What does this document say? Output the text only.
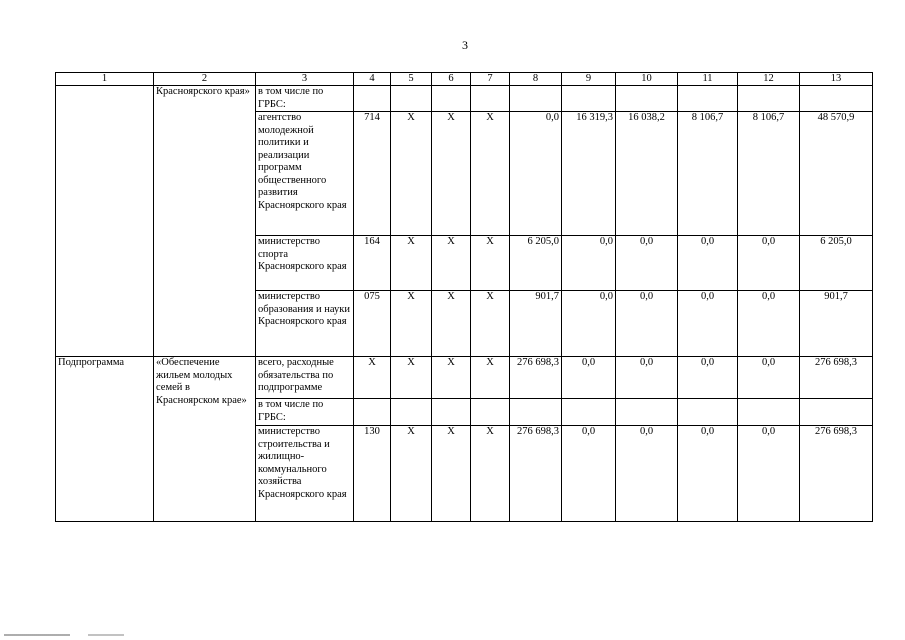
3
1	2	3	4	5	6	7	8	9	10	11	12	13
	Красноярского края»	в том числе по ГРБС:										
		агентство молодежной политики и реализации программ общественного развития Красноярского края	714	Х	Х	Х	0,0	16 319,3	16 038,2	8 106,7	8 106,7	48 570,9
		министерство спорта Красноярского края	164	Х	Х	Х	6 205,0	0,0	0,0	0,0	0,0	6 205,0
		министерство образования и науки Красноярского края	075	Х	Х	Х	901,7	0,0	0,0	0,0	0,0	901,7
Подпрограмма	«Обеспечение жильем молодых семей в Красноярском крае»	всего, расходные обязательства по подпрограмме	Х	Х	Х	Х	276 698,3	0,0	0,0	0,0	0,0	276 698,3
		в том числе по ГРБС:										
		министерство строительства и жилищно-коммунального хозяйства Красноярского края	130	Х	Х	Х	276 698,3	0,0	0,0	0,0	0,0	276 698,3
